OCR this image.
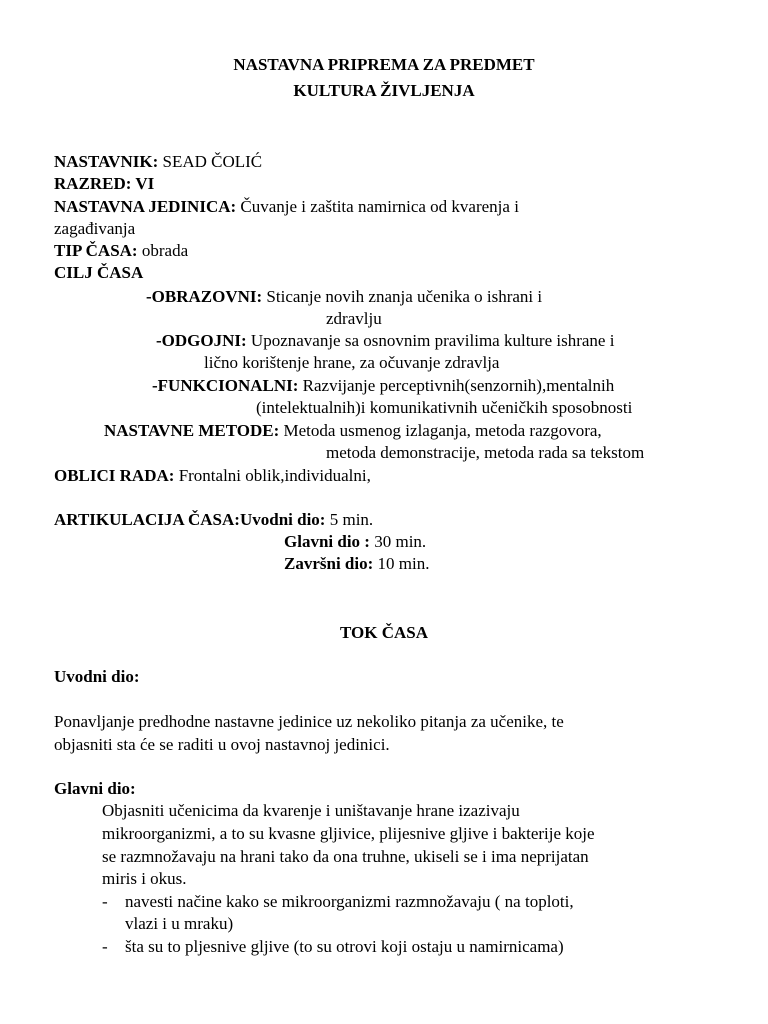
NASTAVNA PRIPREMA ZA PREDMET
KULTURA ŽIVLJENJA
NASTAVNIK: SEAD ČOLIĆ
RAZRED: VI
NASTAVNA JEDINICA: Čuvanje i zaštita namirnica od kvarenja i
zagađivanja
TIP ČASA: obrada
CILJ ČASA
-OBRAZOVNI: Sticanje novih znanja učenika o ishrani i
zdravlju
-ODGOJNI: Upoznavanje sa osnovnim pravilima kulture ishrane i
lično korištenje hrane, za očuvanje zdravlja
-FUNKCIONALNI: Razvijanje perceptivnih(senzornih),mentalnih
(intelektualnih)i komunikativnih učeničkih sposobnosti
NASTAVNE METODE: Metoda usmenog izlaganja, metoda razgovora,
metoda demonstracije, metoda rada sa tekstom
OBLICI RADA: Frontalni oblik,individualni,
ARTIKULACIJA ČASA:Uvodni dio: 5 min.
Glavni dio : 30 min.
Završni dio: 10 min.
TOK ČASA
Uvodni dio:
Ponavljanje predhodne nastavne jedinice uz nekoliko pitanja za učenike, te
objasniti sta će se raditi u ovoj nastavnoj jedinici.
Glavni dio:
Objasniti učenicima da kvarenje i uništavanje hrane izazivaju
mikroorganizmi, a to su kvasne gljivice, plijesnive gljive i bakterije koje
se razmnožavaju na hrani tako da ona truhne, ukiseli se i ima neprijatan
miris i okus.
- navesti načine kako se mikroorganizmi razmnožavaju ( na toploti,
vlazi i u mraku)
- šta su to pljesnive gljive (to su otrovi koji ostaju u namirnicama)
